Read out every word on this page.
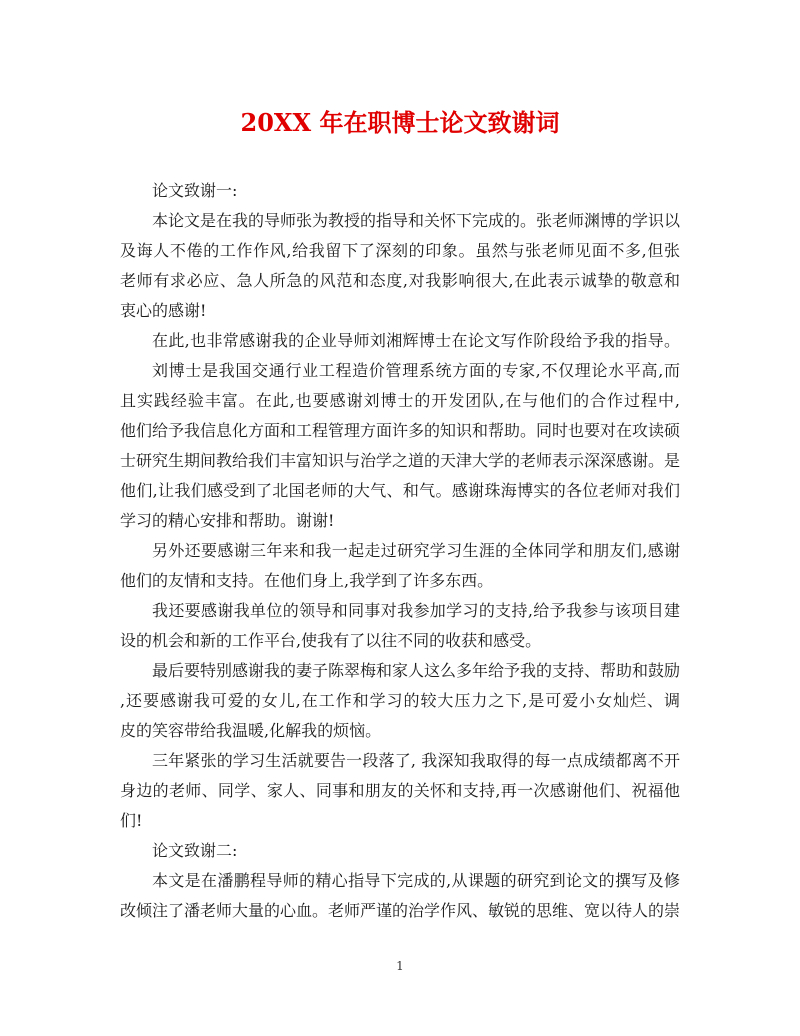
20XX 年在职博士论文致谢词
论文致谢一:
本论文是在我的导师张为教授的指导和关怀下完成的。张老师渊博的学识以
及诲人不倦的工作作风,给我留下了深刻的印象。虽然与张老师见面不多,但张
老师有求必应、急人所急的风范和态度,对我影响很大,在此表示诚挚的敬意和
衷心的感谢!
在此,也非常感谢我的企业导师刘湘辉博士在论文写作阶段给予我的指导。
刘博士是我国交通行业工程造价管理系统方面的专家,不仅理论水平高,而
且实践经验丰富。在此,也要感谢刘博士的开发团队,在与他们的合作过程中,
他们给予我信息化方面和工程管理方面许多的知识和帮助。同时也要对在攻读硕
士研究生期间教给我们丰富知识与治学之道的天津大学的老师表示深深感谢。是
他们,让我们感受到了北国老师的大气、和气。感谢珠海博实的各位老师对我们
学习的精心安排和帮助。谢谢!
另外还要感谢三年来和我一起走过研究学习生涯的全体同学和朋友们,感谢
他们的友情和支持。在他们身上,我学到了许多东西。
我还要感谢我单位的领导和同事对我参加学习的支持,给予我参与该项目建
设的机会和新的工作平台,使我有了以往不同的收获和感受。
最后要特别感谢我的妻子陈翠梅和家人这么多年给予我的支持、帮助和鼓励
,还要感谢我可爱的女儿,在工作和学习的较大压力之下,是可爱小女灿烂、调
皮的笑容带给我温暖,化解我的烦恼。
三年紧张的学习生活就要告一段落了, 我深知我取得的每一点成绩都离不开
身边的老师、同学、家人、同事和朋友的关怀和支持,再一次感谢他们、祝福他
们!
论文致谢二:
本文是在潘鹏程导师的精心指导下完成的,从课题的研究到论文的撰写及修
改倾注了潘老师大量的心血。老师严谨的治学作风、敏锐的思维、宽以待人的崇
1
